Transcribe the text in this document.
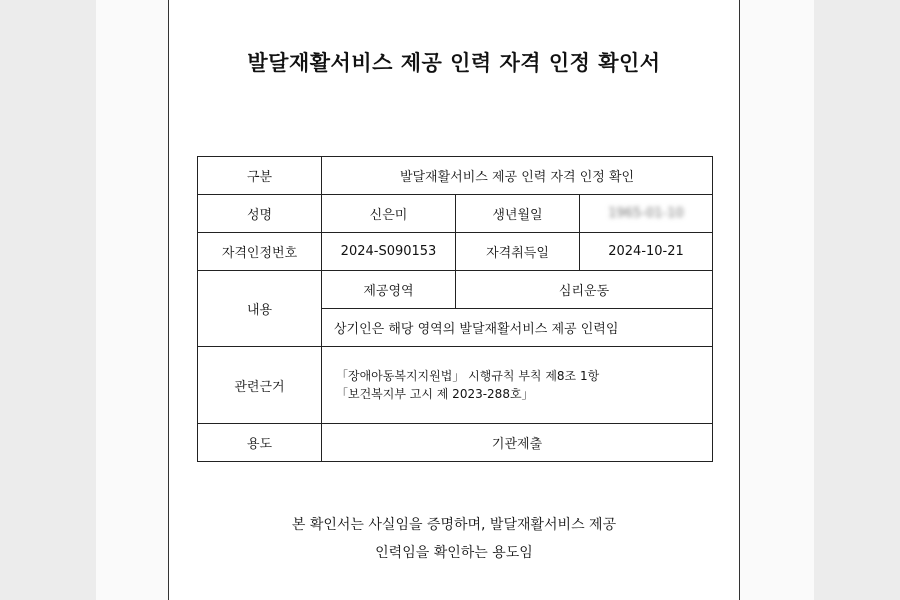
발달재활서비스 제공 인력 자격 인정 확인서
구분	발달재활서비스 제공 인력 자격 인정 확인		
성명	신은미	생년월일	1965-01-10
자격인정번호	2024-S090153	자격취득일	2024-10-21
내용	제공영역	심리운동	
	상기인은 해당 영역의 발달재활서비스 제공 인력임		
관련근거	「장애아동복지지원법」 시행규칙 부칙 제8조 1항
「보건복지부 고시 제 2023-288호」		

용도	기관제출		
본 확인서는 사실임을 증명하며, 발달재활서비스 제공
인력임을 확인하는 용도임
